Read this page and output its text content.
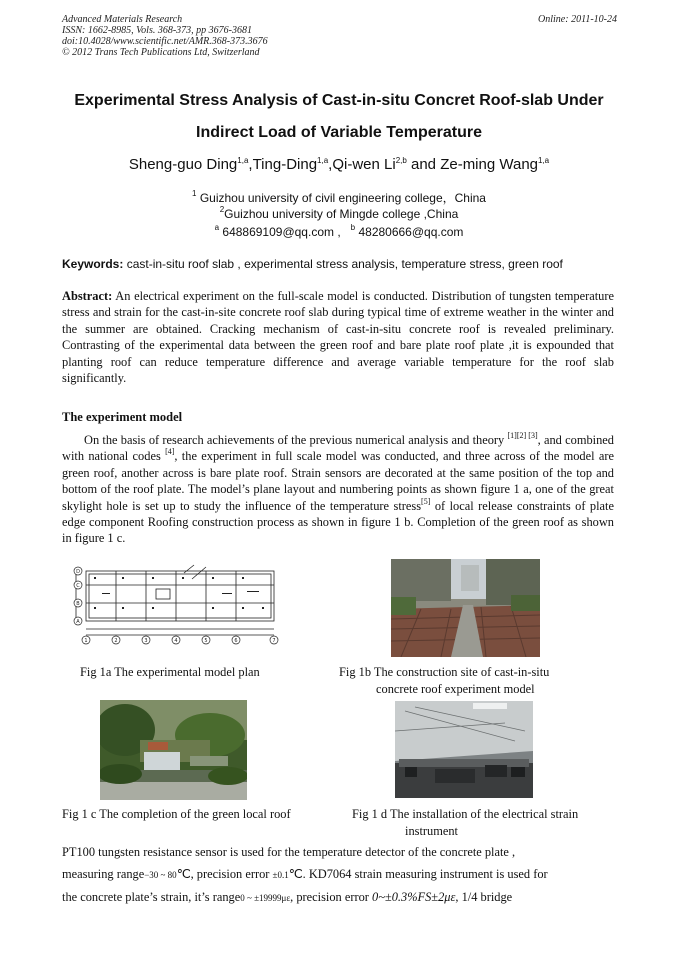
Advanced Materials Research
ISSN: 1662-8985, Vols. 368-373, pp 3676-3681
doi:10.4028/www.scientific.net/AMR.368-373.3676
© 2012 Trans Tech Publications Ltd, Switzerland
Online: 2011-10-24
Experimental Stress Analysis of Cast-in-situ Concret Roof-slab Under
Indirect Load of Variable Temperature
Sheng-guo Ding$^{1,a}$,Ting-Ding$^{1,a}$,Qi-wen Li$^{2,b}$ and Ze-ming Wang$^{1,a}$
$^1$ Guizhou university of civil engineering college，China
$^2$Guizhou university of Mingde college ,China
$^a$ 648869109@qq.com , $^b$ 48280666@qq.com
Keywords: cast-in-situ roof slab , experimental stress analysis, temperature stress, green roof
Abstract: An electrical experiment on the full-scale model is conducted. Distribution of tungsten temperature stress and strain for the cast-in-site concrete roof slab during typical time of extreme weather in the winter and the summer are obtained. Cracking mechanism of cast-in-situ concrete roof is revealed preliminary. Contrasting of the experimental data between the green roof and bare plate roof plate ,it is expounded that planting roof can reduce temperature difference and average variable temperature for the roof slab significantly.
The experiment model
On the basis of research achievements of the previous numerical analysis and theory [1][2] [3], and combined with national codes [4], the experiment in full scale model was conducted, and three across of the model are green roof, another across is bare plate roof. Strain sensors are decorated at the same position of the top and bottom of the roof plate. The model’s plane layout and numbering points as shown figure 1 a, one of the great skylight hole is set up to study the influence of the temperature stress[5] of local release constraints of plate edge component Roofing construction process as shown in figure 1 b. Completion of the green roof as shown in figure 1 c.
D
C
B
A
1	2	3	4	5	6	7
Fig 1a The experimental model plan	Fig 1b The construction site of cast-in-situ
concrete roof experiment model
Fig 1 c The completion of the green local roof	Fig 1 d The installation of the electrical strain
instrument
PT100 tungsten resistance sensor is used for the temperature detector of the concrete plate ,
measuring range−30 ~ 80℃, precision error ±0.1℃. KD7064 strain measuring instrument is used for
the concrete plate’s strain, it’s range0 ~ ±19999με, precision error 0~±0.3%FS±2με, 1/4 bridge
